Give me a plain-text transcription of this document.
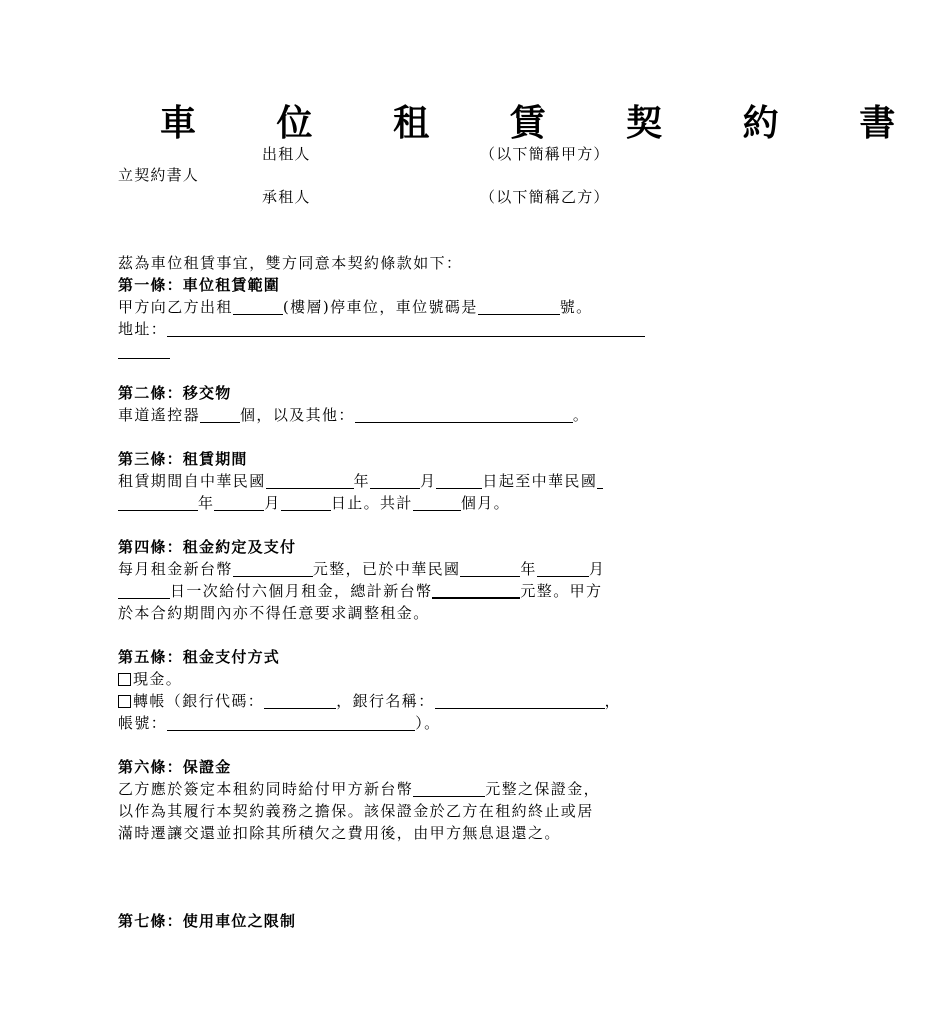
車 位 租 賃 契 約 書
出租人	（以下簡稱甲方）
立契約書人
承租人	（以下簡稱乙方）
茲為車位租賃事宜，雙方同意本契約條款如下：
第一條：車位租賃範圍
甲方向乙方出租	(樓層)停車位，車位號碼是	號。
地址：
第二條：移交物
車道遙控器	個，以及其他：	。
第三條：租賃期間
租賃期間自中華民國	年	月	日起至中華民國
年	月	日止。共計	個月。
第四條：租金約定及支付
每月租金新台幣	元整，已於中華民國	年	月
日一次給付六個月租金，總計新台幣	元整。甲方
於本合約期間內亦不得任意要求調整租金。
第五條：租金支付方式
現金。
轉帳（銀行代碼：	，銀行名稱：	，
帳號：	）。
第六條：保證金
乙方應於簽定本租約同時給付甲方新台幣	元整之保證金，
以作為其履行本契約義務之擔保。該保證金於乙方在租約終止或居
滿時遷讓交還並扣除其所積欠之費用後，由甲方無息退還之。
第七條：使用車位之限制
